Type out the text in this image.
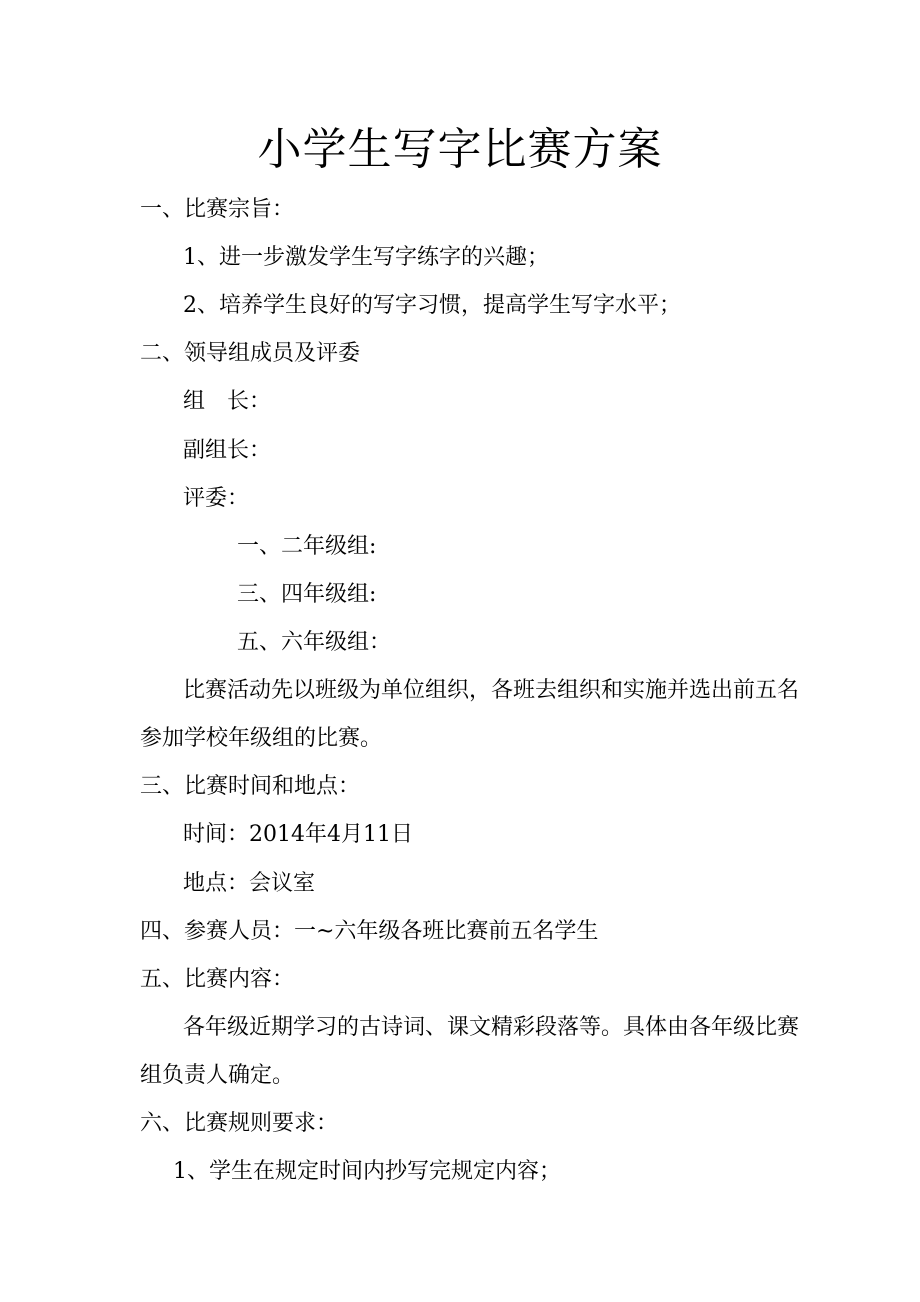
小学生写字比赛方案
一、比赛宗旨：
1、进一步激发学生写字练字的兴趣；
2、培养学生良好的写字习惯，提高学生写字水平；
二、领导组成员及评委
组　长：
副组长：
评委：
一、二年级组:
三、四年级组:
五、六年级组：
比赛活动先以班级为单位组织，各班去组织和实施并选出前五名
参加学校年级组的比赛。
三、比赛时间和地点：
时间：2014年4月11日
地点：会议室
四、参赛人员：一~六年级各班比赛前五名学生
五、比赛内容：
各年级近期学习的古诗词、课文精彩段落等。具体由各年级比赛
组负责人确定。
六、比赛规则要求：
1、学生在规定时间内抄写完规定内容；
